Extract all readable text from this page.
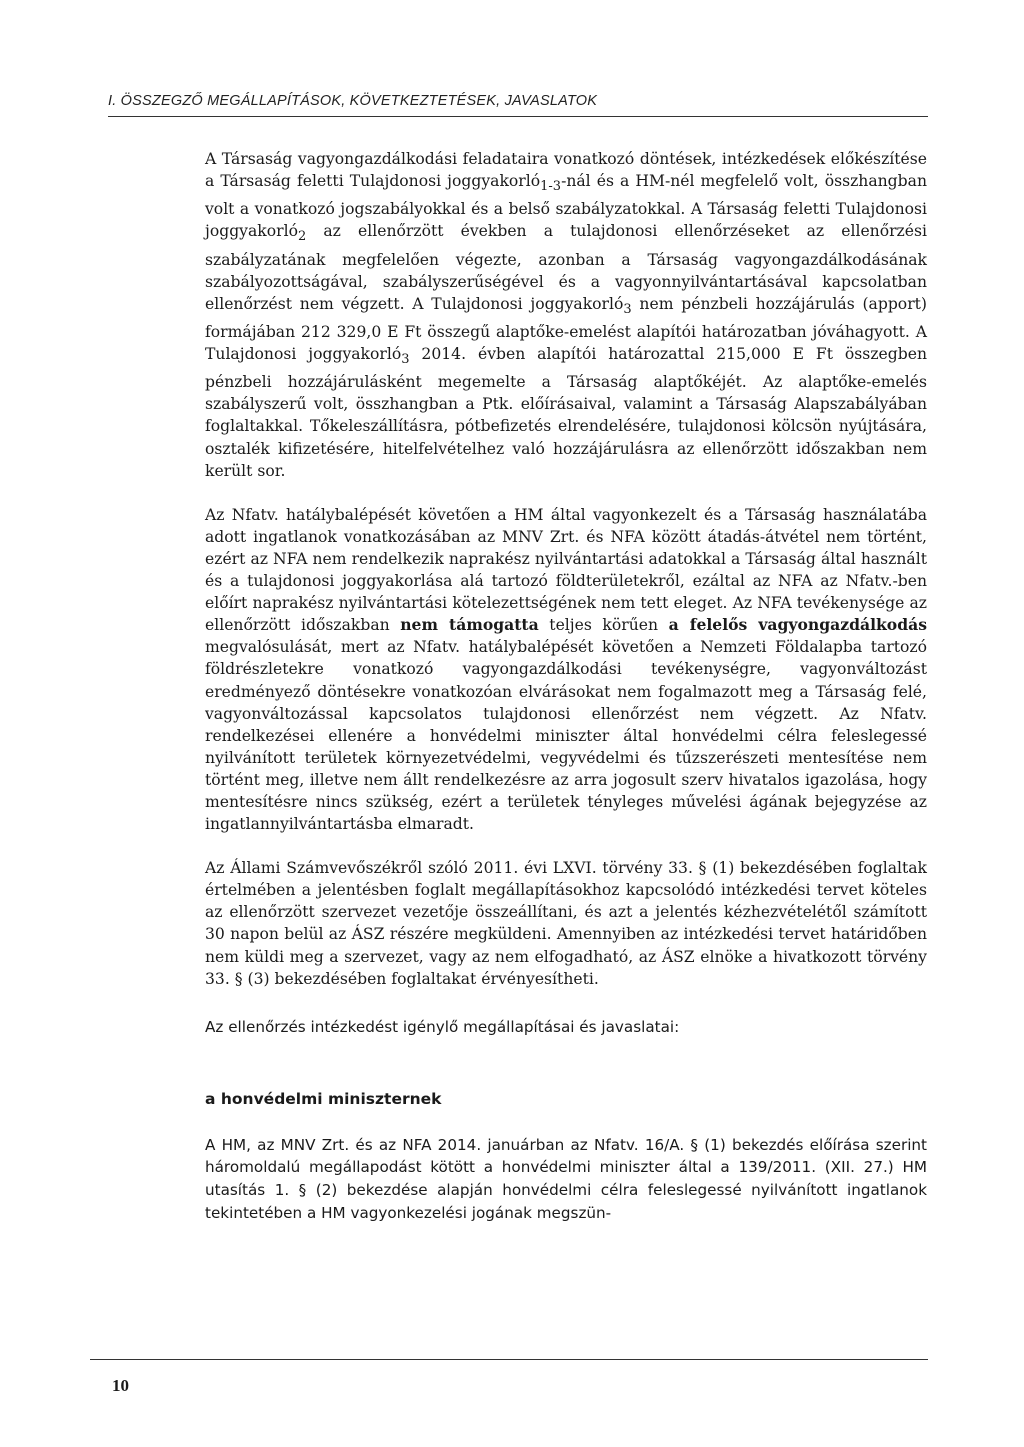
I. ÖSSZEGZŐ MEGÁLLAPÍTÁSOK, KÖVETKEZTETÉSEK, JAVASLATOK

A Társaság vagyongazdálkodási feladataira vonatkozó döntések, intézkedések előkészítése a Társaság feletti Tulajdonosi joggyakorló$_{1-3}$-nál és a HM-nél megfelelő volt, összhangban volt a vonatkozó jogszabályokkal és a belső szabályzatokkal. A Társaság feletti Tulajdonosi joggyakorló$_2$ az ellenőrzött években a tulajdonosi ellenőrzéseket az ellenőrzési szabályzatának megfelelően végezte, azonban a Társaság vagyongazdálkodásának szabályozottságával, szabályszerűségével és a vagyonnyilvántartásával kapcsolatban ellenőrzést nem végzett. A Tulajdonosi joggyakorló$_3$ nem pénzbeli hozzájárulás (apport) formájában 212 329,0 E Ft összegű alaptőke-emelést alapítói határozatban jóváhagyott. A Tulajdonosi joggyakorló$_3$ 2014. évben alapítói határozattal 215,000 E Ft összegben pénzbeli hozzájárulásként megemelte a Társaság alaptőkéjét. Az alaptőke-emelés szabályszerű volt, összhangban a Ptk. előírásaival, valamint a Társaság Alapszabályában foglaltakkal. Tőkeleszállításra, pótbefizetés elrendelésére, tulajdonosi kölcsön nyújtására, osztalék kifizetésére, hitelfelvételhez való hozzájárulásra az ellenőrzött időszakban nem került sor.

Az Nfatv. hatálybalépését követően a HM által vagyonkezelt és a Társaság használatába adott ingatlanok vonatkozásában az MNV Zrt. és NFA között átadás-átvétel nem történt, ezért az NFA nem rendelkezik naprakész nyilvántartási adatokkal a Társaság által használt és a tulajdonosi joggyakorlása alá tartozó földterületekről, ezáltal az NFA az Nfatv.-ben előírt naprakész nyilvántartási kötelezettségének nem tett eleget. Az NFA tevékenysége az ellenőrzött időszakban nem támogatta teljes körűen a felelős vagyongazdálkodás megvalósulását, mert az Nfatv. hatálybalépését követően a Nemzeti Földalapba tartozó földrészletekre vonatkozó vagyongazdálkodási tevékenységre, vagyonváltozást eredményező döntésekre vonatkozóan elvárásokat nem fogalmazott meg a Társaság felé, vagyonváltozással kapcsolatos tulajdonosi ellenőrzést nem végzett. Az Nfatv. rendelkezései ellenére a honvédelmi miniszter által honvédelmi célra feleslegessé nyilvánított területek környezetvédelmi, vegyvédelmi és tűzszerészeti mentesítése nem történt meg, illetve nem állt rendelkezésre az arra jogosult szerv hivatalos igazolása, hogy mentesítésre nincs szükség, ezért a területek tényleges művelési ágának bejegyzése az ingatlannyilvántartásba elmaradt.

Az Állami Számvevőszékről szóló 2011. évi LXVI. törvény 33. § (1) bekezdésében foglaltak értelmében a jelentésben foglalt megállapításokhoz kapcsolódó intézkedési tervet köteles az ellenőrzött szervezet vezetője összeállítani, és azt a jelentés kézhezvételétől számított 30 napon belül az ÁSZ részére megküldeni. Amennyiben az intézkedési tervet határidőben nem küldi meg a szervezet, vagy az nem elfogadható, az ÁSZ elnöke a hivatkozott törvény 33. § (3) bekezdésében foglaltakat érvényesítheti.

Az ellenőrzés intézkedést igénylő megállapításai és javaslatai:

a honvédelmi miniszternek

A HM, az MNV Zrt. és az NFA 2014. januárban az Nfatv. 16/A. § (1) bekezdés előírása szerint háromoldalú megállapodást kötött a honvédelmi miniszter által a 139/2011. (XII. 27.) HM utasítás 1. § (2) bekezdése alapján honvédelmi célra feleslegessé nyilvánított ingatlanok tekintetében a HM vagyonkezelési jogának megszün-

10
